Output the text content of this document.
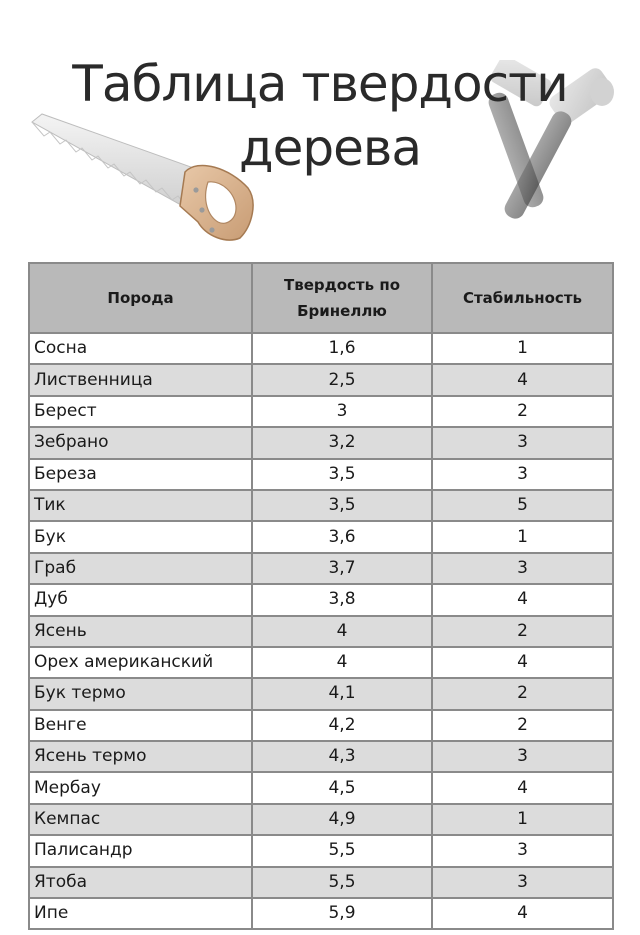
Таблица твердости
дерева
Порода	Твердость по Бринеллю	Стабильность
Сосна	1,6	1
Лиственница	2,5	4
Берест	3	2
Зебрано	3,2	3
Береза	3,5	3
Тик	3,5	5
Бук	3,6	1
Граб	3,7	3
Дуб	3,8	4
Ясень	4	2
Орех американский	4	4
Бук термо	4,1	2
Венге	4,2	2
Ясень термо	4,3	3
Мербау	4,5	4
Кемпас	4,9	1
Палисандр	5,5	3
Ятоба	5,5	3
Ипе	5,9	4
